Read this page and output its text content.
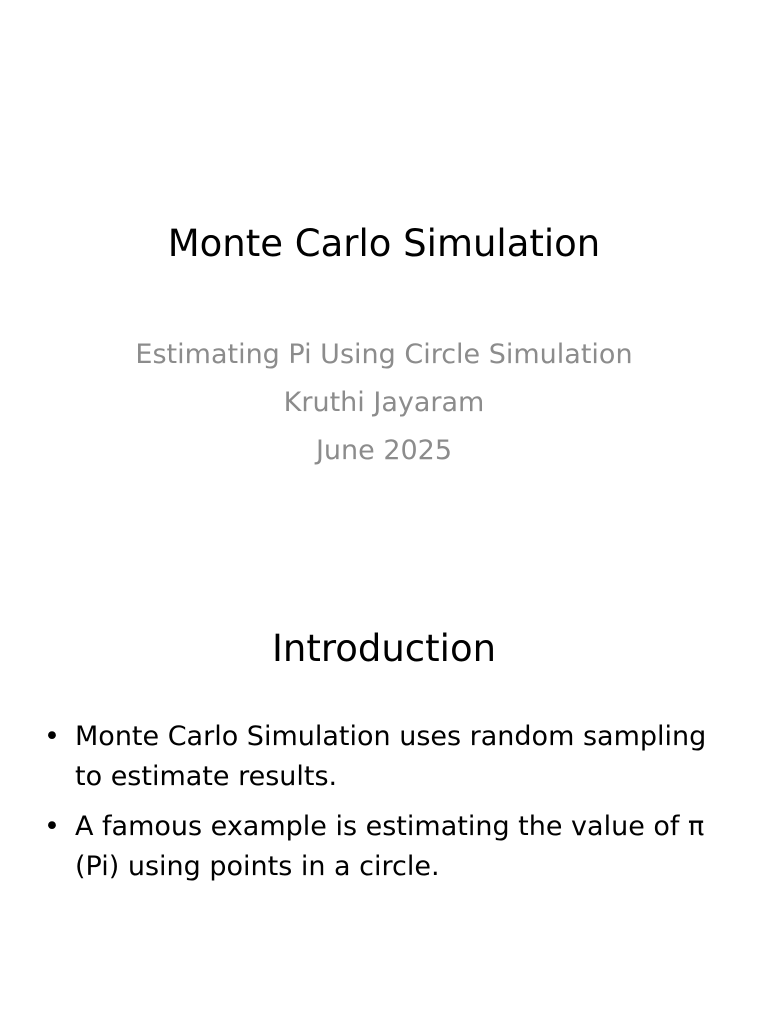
Monte Carlo Simulation
Estimating Pi Using Circle Simulation
Kruthi Jayaram
June 2025
Introduction
• Monte Carlo Simulation uses random sampling to estimate results.
• A famous example is estimating the value of π (Pi) using points in a circle.
